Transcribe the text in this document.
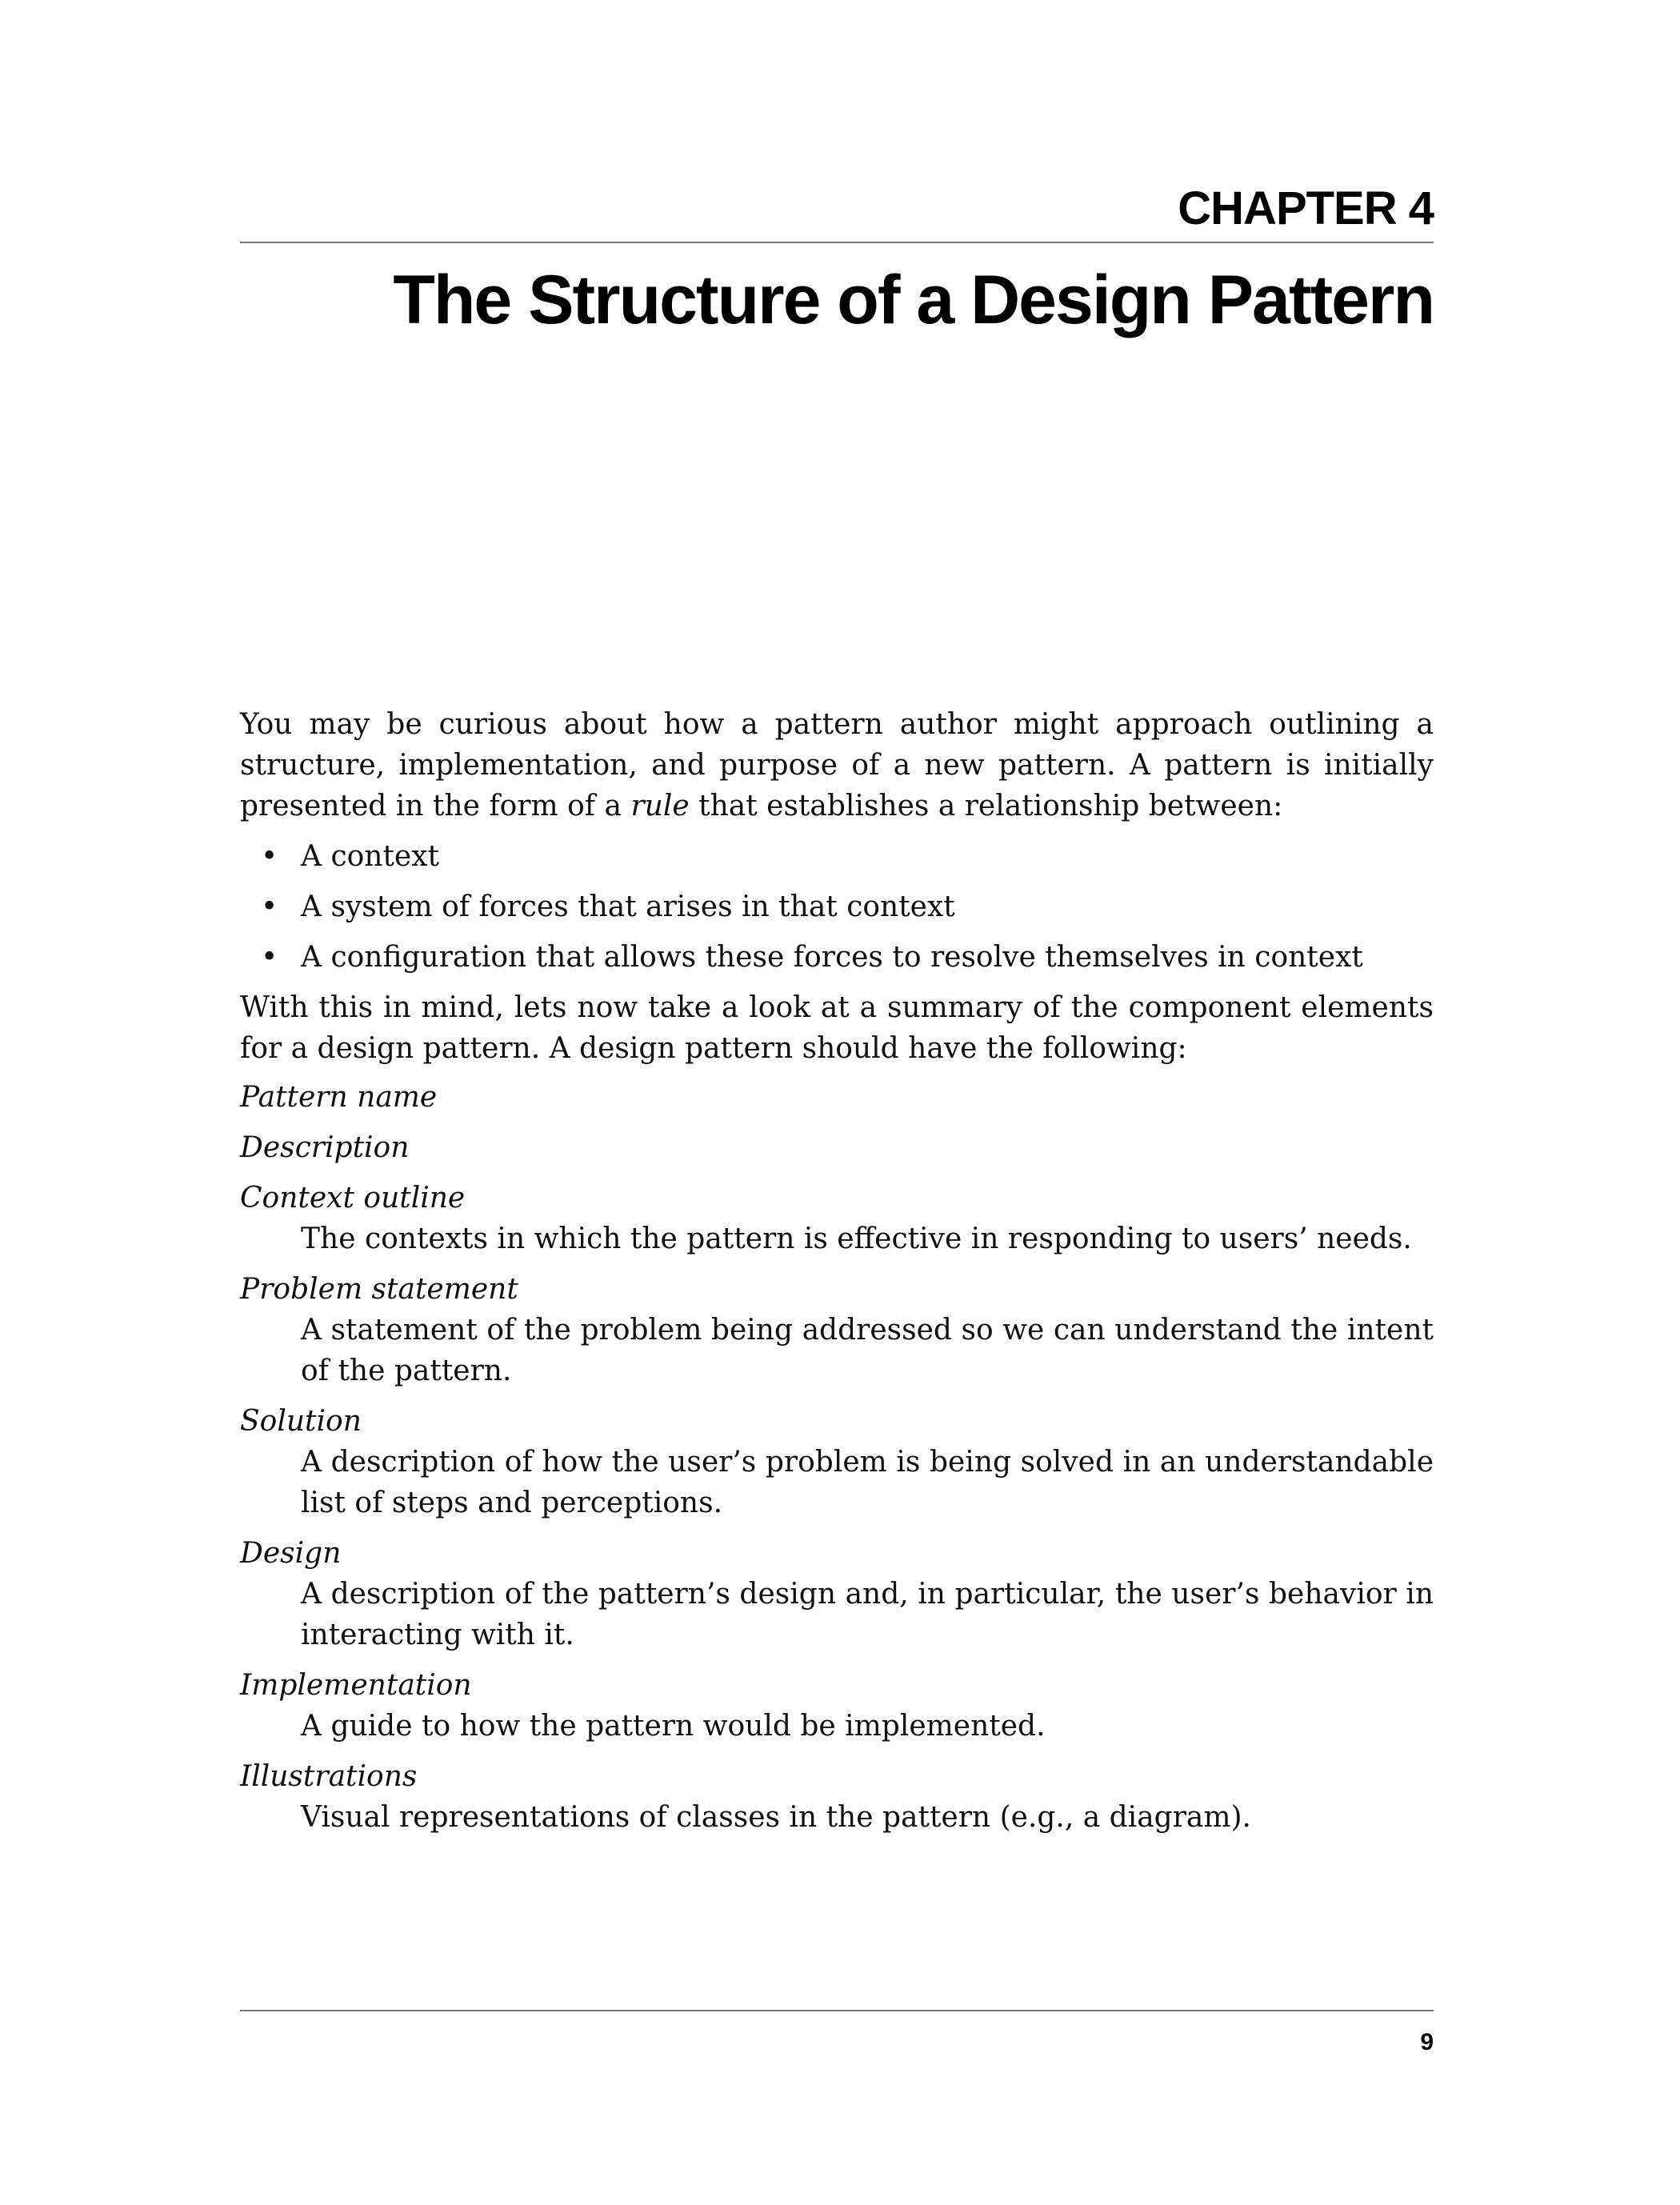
CHAPTER 4
The Structure of a Design Pattern

You may be curious about how a pattern author might approach outlining a structure, implementation, and purpose of a new pattern. A pattern is initially presented in the form of a rule that establishes a relationship between:

• A context
• A system of forces that arises in that context
• A configuration that allows these forces to resolve themselves in context

With this in mind, lets now take a look at a summary of the component elements for a design pattern. A design pattern should have the following:

Pattern name
Description
Context outline
The contexts in which the pattern is effective in responding to users’ needs.
Problem statement
A statement of the problem being addressed so we can understand the intent of the pattern.
Solution
A description of how the user’s problem is being solved in an understandable list of steps and perceptions.
Design
A description of the pattern’s design and, in particular, the user’s behavior in interacting with it.
Implementation
A guide to how the pattern would be implemented.
Illustrations
Visual representations of classes in the pattern (e.g., a diagram).
9
